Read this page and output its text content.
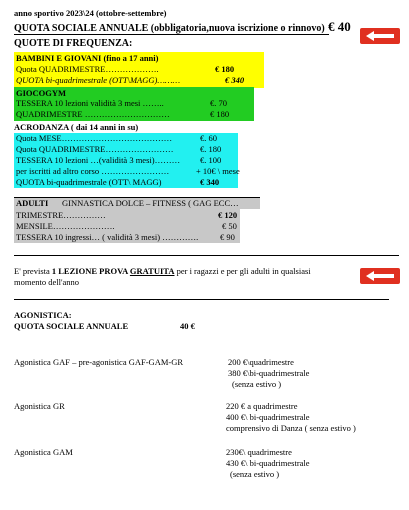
anno sportivo 2023\24 (ottobre-settembre)
QUOTA SOCIALE ANNUALE (obbligatoria,nuova iscrizione o rinnovo) € 40
QUOTE DI FREQUENZA:
BAMBINI E GIOVANI (fino a 17 anni)
Quota QUADRIMESTRE……………….	€ 180
QUOTA bi-quadrimestrale (OTT\MAGG)………	€ 340
GIOCOGYM
TESSERA 10 lezioni validità 3 mesi ……..	€. 70
QUADRIMESTRE …………………………	€ 180
ACRODANZA ( dai 14 anni in su)
Quota MESE…………………………………	€. 60
Quota QUADRIMESTRE……………………	€. 180
TESSERA 10 lezioni …(validità 3 mesi)……… €. 100
per iscritti ad altro corso ……………………	+ 10€ \ mese
QUOTA bi-quadrimestrale (OTT\ MAGG)	€ 340
ADULTI GINNASTICA DOLCE – FITNESS ( GAG ECC…
TRIMESTRE……………	€ 120
MENSILE………………….	€ 50
TESSERA 10 ingressi… ( validità 3 mesi) ………….	€ 90
E' prevista 1 LEZIONE PROVA GRATUITA per i ragazzi e per gli adulti in qualsiasi
momento dell'anno
AGONISTICA:
QUOTA SOCIALE ANNUALE	40 €
Agonistica GAF – pre-agonistica GAF-GAM-GR	200 €\quadrimestre
380 €\bi-quadrimestrale
(senza estivo )
Agonistica GR	220 € a quadrimestre
400 €\ bi-quadrimestrale
comprensivo di Danza ( senza estivo )
Agonistica GAM	230€\ quadrimestre
430 €\ bi-quadrimestrale
(senza estivo )
